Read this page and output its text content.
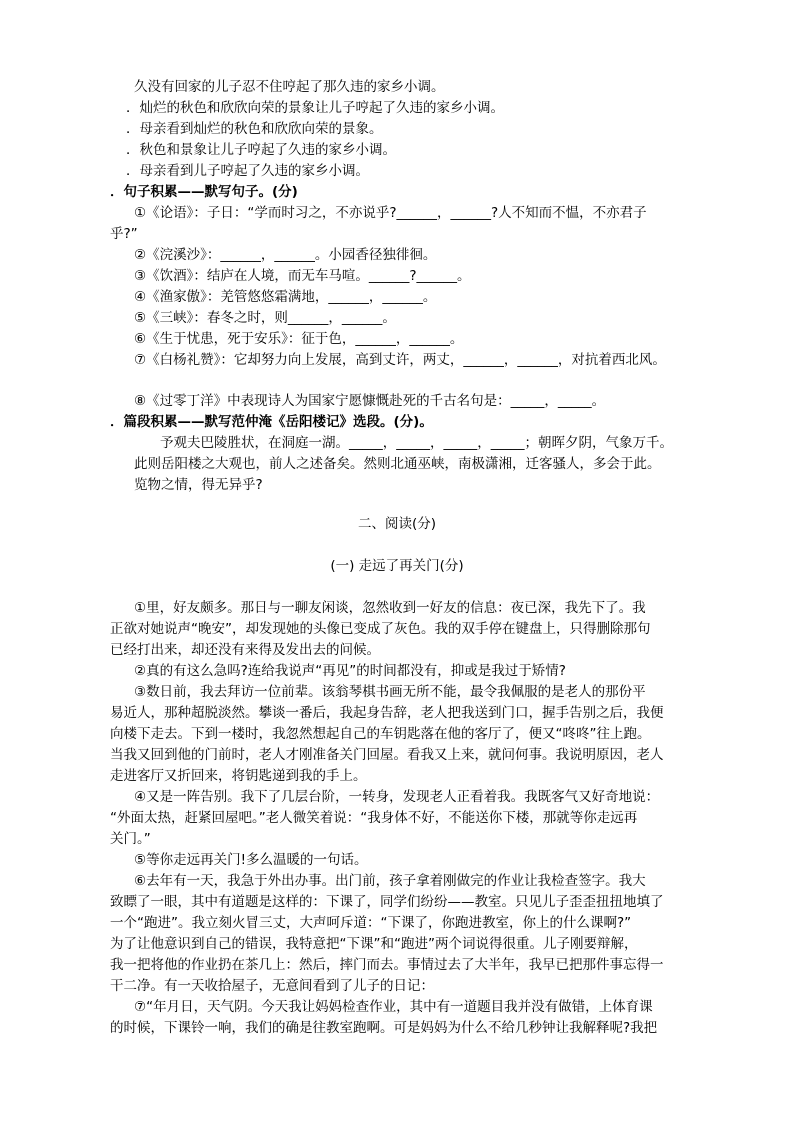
久没有回家的儿子忍不住哼起了那久违的家乡小调。
．灿烂的秋色和欣欣向荣的景象让儿子哼起了久违的家乡小调。
．母亲看到灿烂的秋色和欣欣向荣的景象。
．秋色和景象让儿子哼起了久违的家乡小调。
．母亲看到儿子哼起了久违的家乡小调。
．句子积累——默写句子。(分)
①《论语》：子日：“学而时习之，不亦说乎?______，______?人不知而不愠，不亦君子
乎?”
②《浣溪沙》：______，______。小园香径独徘徊。
③《饮酒》：结庐在人境，而无车马喧。______?______。
④《渔家傲》：羌管悠悠霜满地，______，______。
⑤《三峡》：春冬之时，则______，______。
⑥《生于忧患，死于安乐》：征于色，______，______。
⑦《白杨礼赞》：它却努力向上发展，高到丈许，两丈，______，______，对抗着西北风。
⑧《过零丁洋》中表现诗人为国家宁愿慷慨赴死的千古名句是：_____，_____。
．篇段积累——默写范仲淹《岳阳楼记》选段。(分)。
予观夫巴陵胜状，在洞庭一湖。_____，_____，_____，_____；朝晖夕阴，气象万千。
此则岳阳楼之大观也，前人之述备矣。然则北通巫峡，南极潇湘，迁客骚人，多会于此。
览物之情，得无异乎?
二、阅读(分)
(一) 走远了再关门(分)
①里，好友颇多。那日与一聊友闲谈，忽然收到一好友的信息：夜已深，我先下了。我
正欲对她说声“晚安”，却发现她的头像已变成了灰色。我的双手停在键盘上，只得删除那句
已经打出来，却还没有来得及发出去的问候。
②真的有这么急吗?连给我说声“再见”的时间都没有，抑或是我过于矫情?
③数日前，我去拜访一位前辈。该翁琴棋书画无所不能，最令我佩服的是老人的那份平
易近人，那种超脱淡然。攀谈一番后，我起身告辞，老人把我送到门口，握手告别之后，我便
向楼下走去。下到一楼时，我忽然想起自己的车钥匙落在他的客厅了，便又“咚咚”往上跑。
当我又回到他的门前时，老人才刚准备关门回屋。看我又上来，就问何事。我说明原因，老人
走进客厅又折回来，将钥匙递到我的手上。
④又是一阵告别。我下了几层台阶，一转身，发现老人正看着我。我既客气又好奇地说：
“外面太热，赶紧回屋吧。”老人微笑着说：“我身体不好，不能送你下楼，那就等你走远再
关门。”
⑤等你走远再关门!多么温暖的一句话。
⑥去年有一天，我急于外出办事。出门前，孩子拿着刚做完的作业让我检查签字。我大
致瞟了一眼，其中有道题是这样的：下课了，同学们纷纷——教室。只见儿子歪歪扭扭地填了
一个“跑进”。我立刻火冒三丈，大声呵斥道：“下课了，你跑进教室，你上的什么课啊?”
为了让他意识到自己的错误，我特意把“下课”和“跑进”两个词说得很重。儿子刚要辩解，
我一把将他的作业扔在茶几上：然后，摔门而去。事情过去了大半年，我早已把那件事忘得一
干二净。有一天收拾屋子，无意间看到了儿子的日记：
⑦“年月日，天气阴。今天我让妈妈检查作业，其中有一道题目我并没有做错，上体育课
的时候，下课铃一响，我们的确是往教室跑啊。可是妈妈为什么不给几秒钟让我解释呢?我把
